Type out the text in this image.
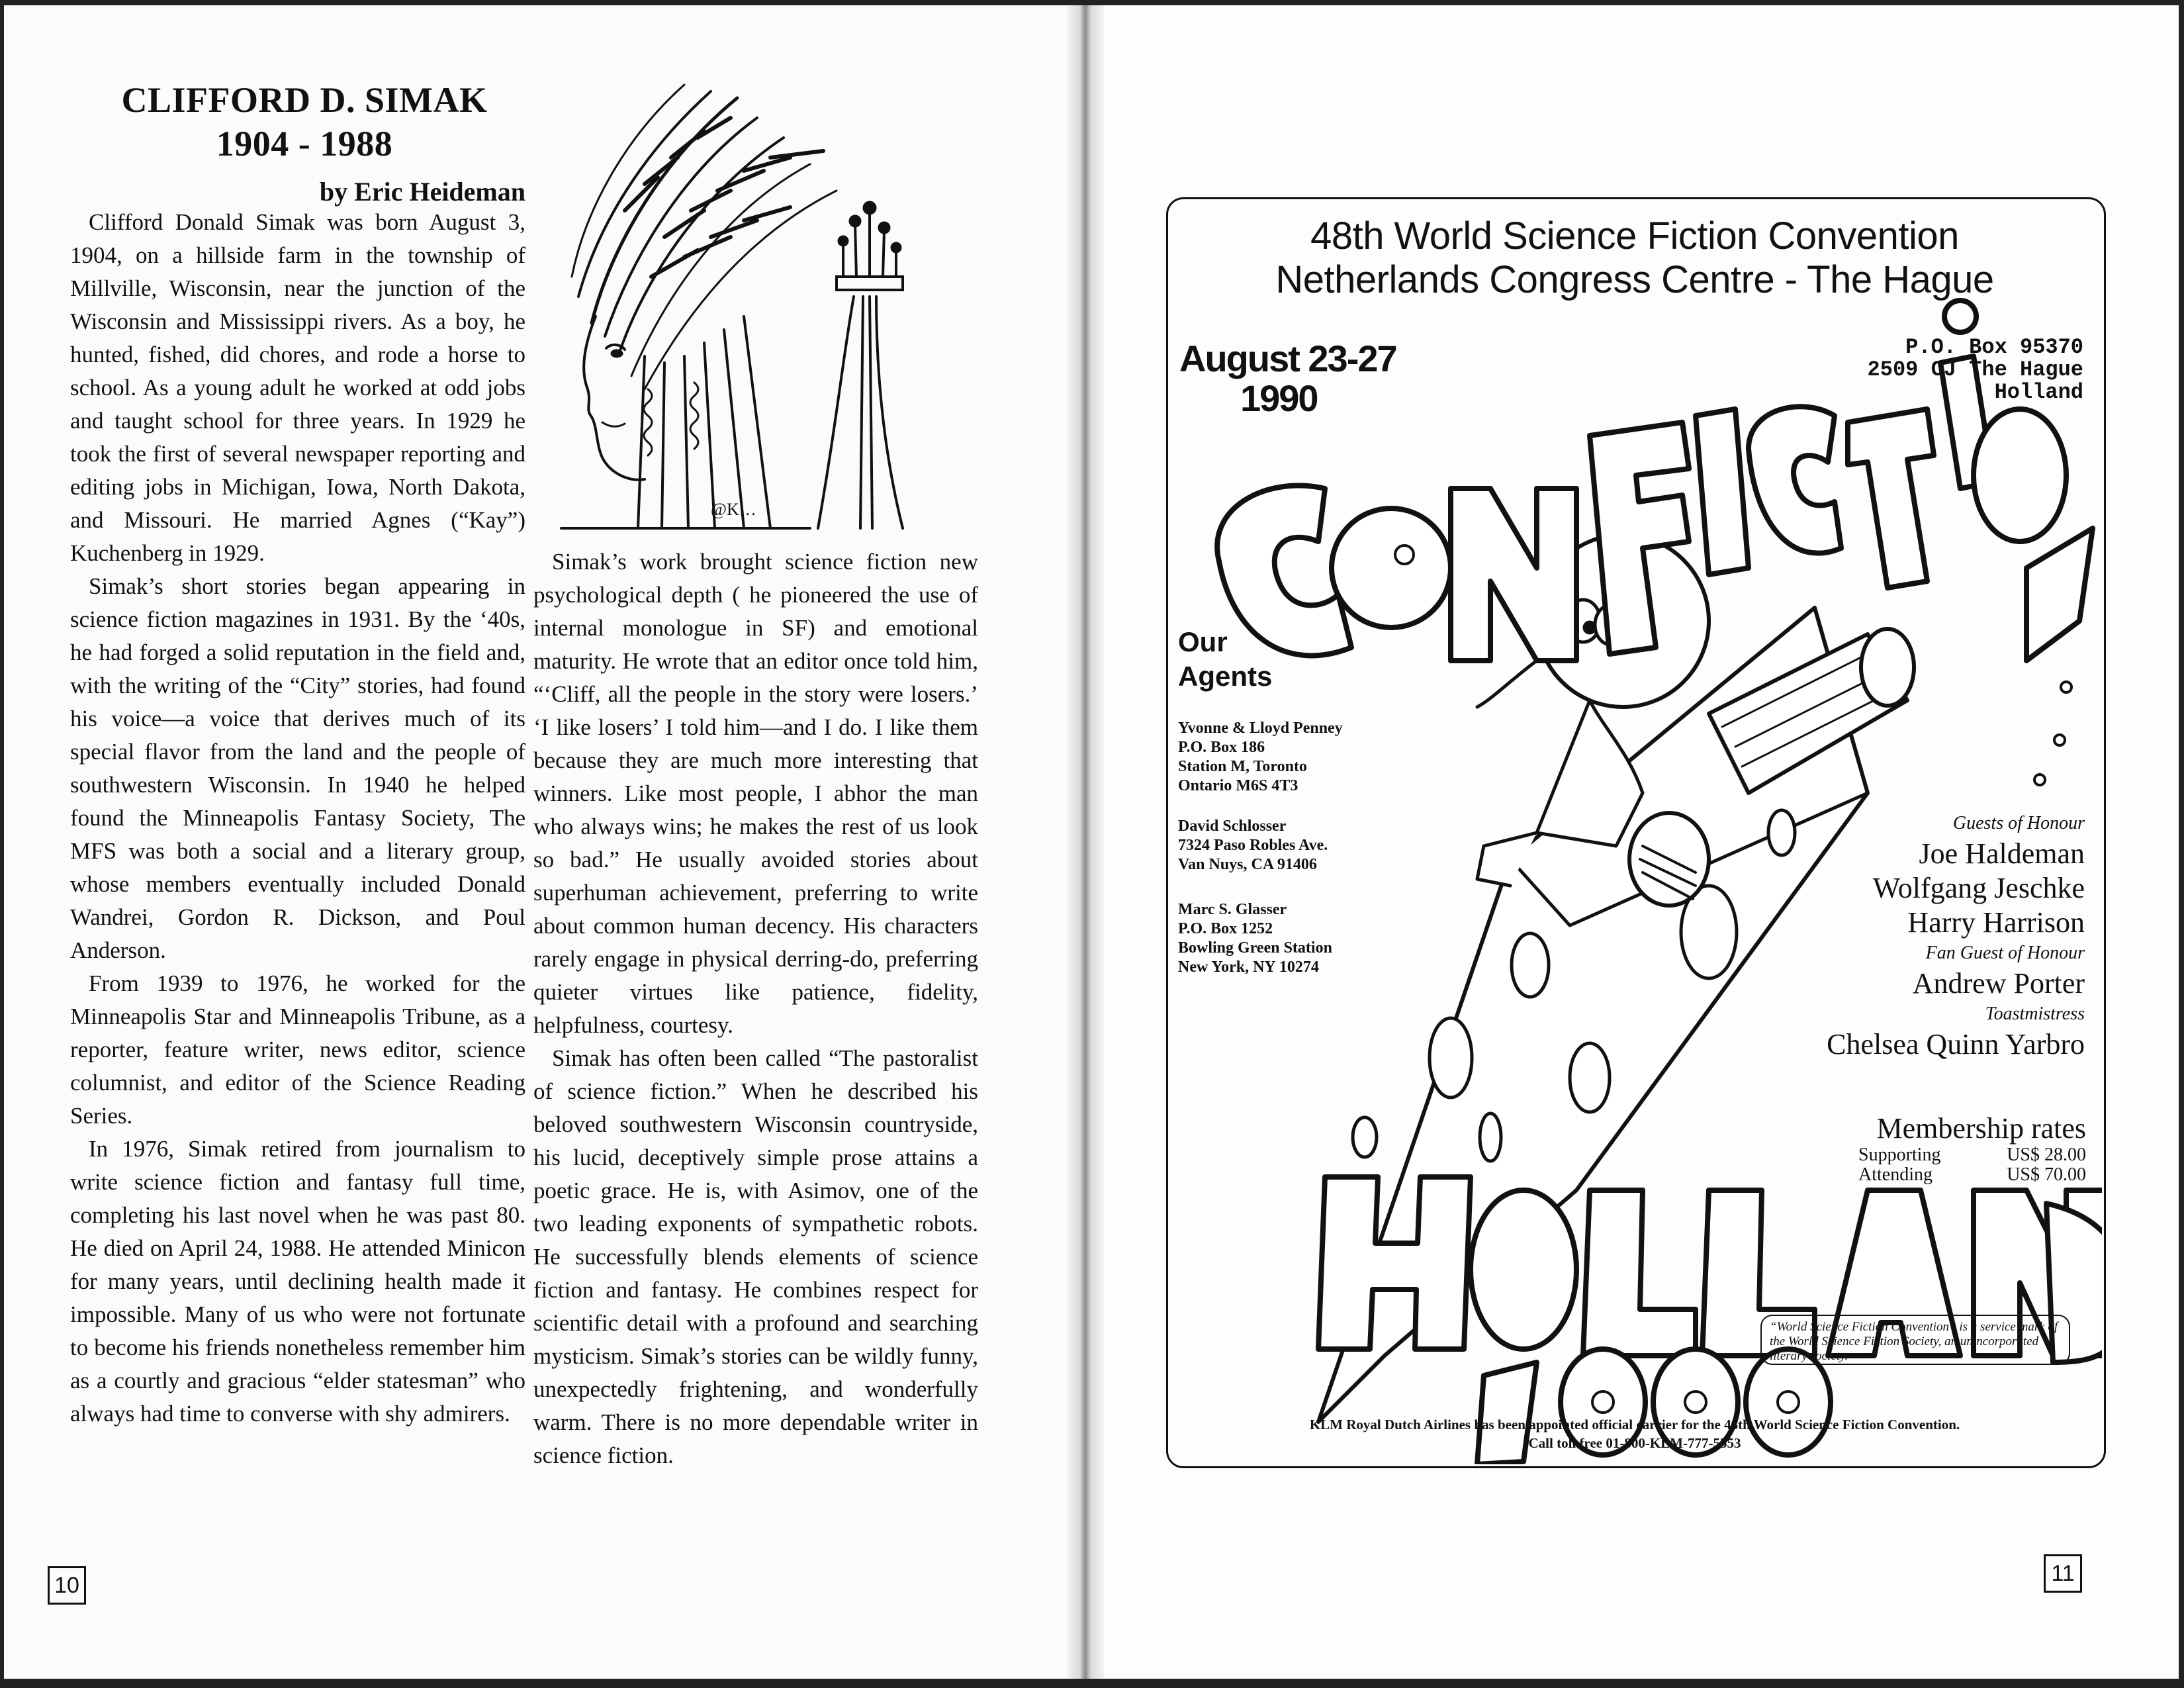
CLIFFORD D. SIMAK
1904 - 1988
by Eric Heideman

Clifford Donald Simak was born August 3, 1904, on a hillside farm in the township of Millville, Wisconsin, near the junction of the Wisconsin and Mississippi rivers. As a boy, he hunted, fished, did chores, and rode a horse to school. As a young adult he worked at odd jobs and taught school for three years. In 1929 he took the first of several newspaper reporting and editing jobs in Michigan, Iowa, North Dakota, and Missouri. He married Agnes (“Kay”) Kuchenberg in 1929.

Simak’s short stories began appearing in science fiction magazines in 1931. By the ‘40s, he had forged a solid reputation in the field and, with the writing of the “City” stories, had found his voice—a voice that derives much of its special flavor from the land and the people of southwestern Wisconsin. In 1940 he helped found the Minneapolis Fantasy Society, The MFS was both a social and a literary group, whose members eventually included Donald Wandrei, Gordon R. Dickson, and Poul Anderson.

From 1939 to 1976, he worked for the Minneapolis Star and Minneapolis Tribune, as a reporter, feature writer, news editor, science columnist, and editor of the Science Reading Series.

In 1976, Simak retired from journalism to write science fiction and fantasy full time, completing his last novel when he was past 80. He died on April 24, 1988. He attended Minicon for many years, until declining health made it impossible. Many of us who were not fortunate to become his friends nonetheless remember him as a courtly and gracious “elder statesman” who always had time to converse with shy admirers.

@K…

Simak’s work brought science fiction new psychological depth ( he pioneered the use of internal monologue in SF) and emotional maturity. He wrote that an editor once told him, “‘Cliff, all the people in the story were losers.’ ‘I like losers’ I told him—and I do. I like them because they are much more interesting that winners. Like most people, I abhor the man who always wins; he makes the rest of us look so bad.” He usually avoided stories about superhuman achievement, preferring to write about common human decency. His characters rarely engage in physical derring-do, preferring quieter virtues like patience, fidelity, helpfulness, courtesy.

Simak has often been called “The pastoralist of science fiction.” When he described his beloved southwestern Wisconsin countryside, his lucid, deceptively simple prose attains a poetic grace. He is, with Asimov, one of the two leading exponents of sympathetic robots. He successfully blends elements of science fiction and fantasy. He combines respect for scientific detail with a profound and searching mysticism. Simak’s stories can be wildly funny, unexpectedly frightening, and wonderfully warm. There is no more dependable writer in science fiction.

10
48th World Science Fiction Convention
Netherlands Congress Centre - The Hague
August 23-27
1990
P.O. Box 95370
2509 CJ The Hague
Holland
Our
Agents
Yvonne & Lloyd Penney
P.O. Box 186
Station M, Toronto
Ontario M6S 4T3
David Schlosser
7324 Paso Robles Ave.
Van Nuys, CA 91406
Marc S. Glasser
P.O. Box 1252
Bowling Green Station
New York, NY 10274
Guests of Honour
Joe Haldeman
Wolfgang Jeschke
Harry Harrison
Fan Guest of Honour
Andrew Porter
Toastmistress
Chelsea Quinn Yarbro
Membership rates
Supporting	US$ 28.00
Attending	US$ 70.00
“World Science Fiction Convention” is a service mark of the World Science Fiction Society, an unincorporated literary society.
KLM Royal Dutch Airlines has been appointed official carrier for the 48th World Science Fiction Convention.
Call toll free 01-800-KLM-777-5553
11
